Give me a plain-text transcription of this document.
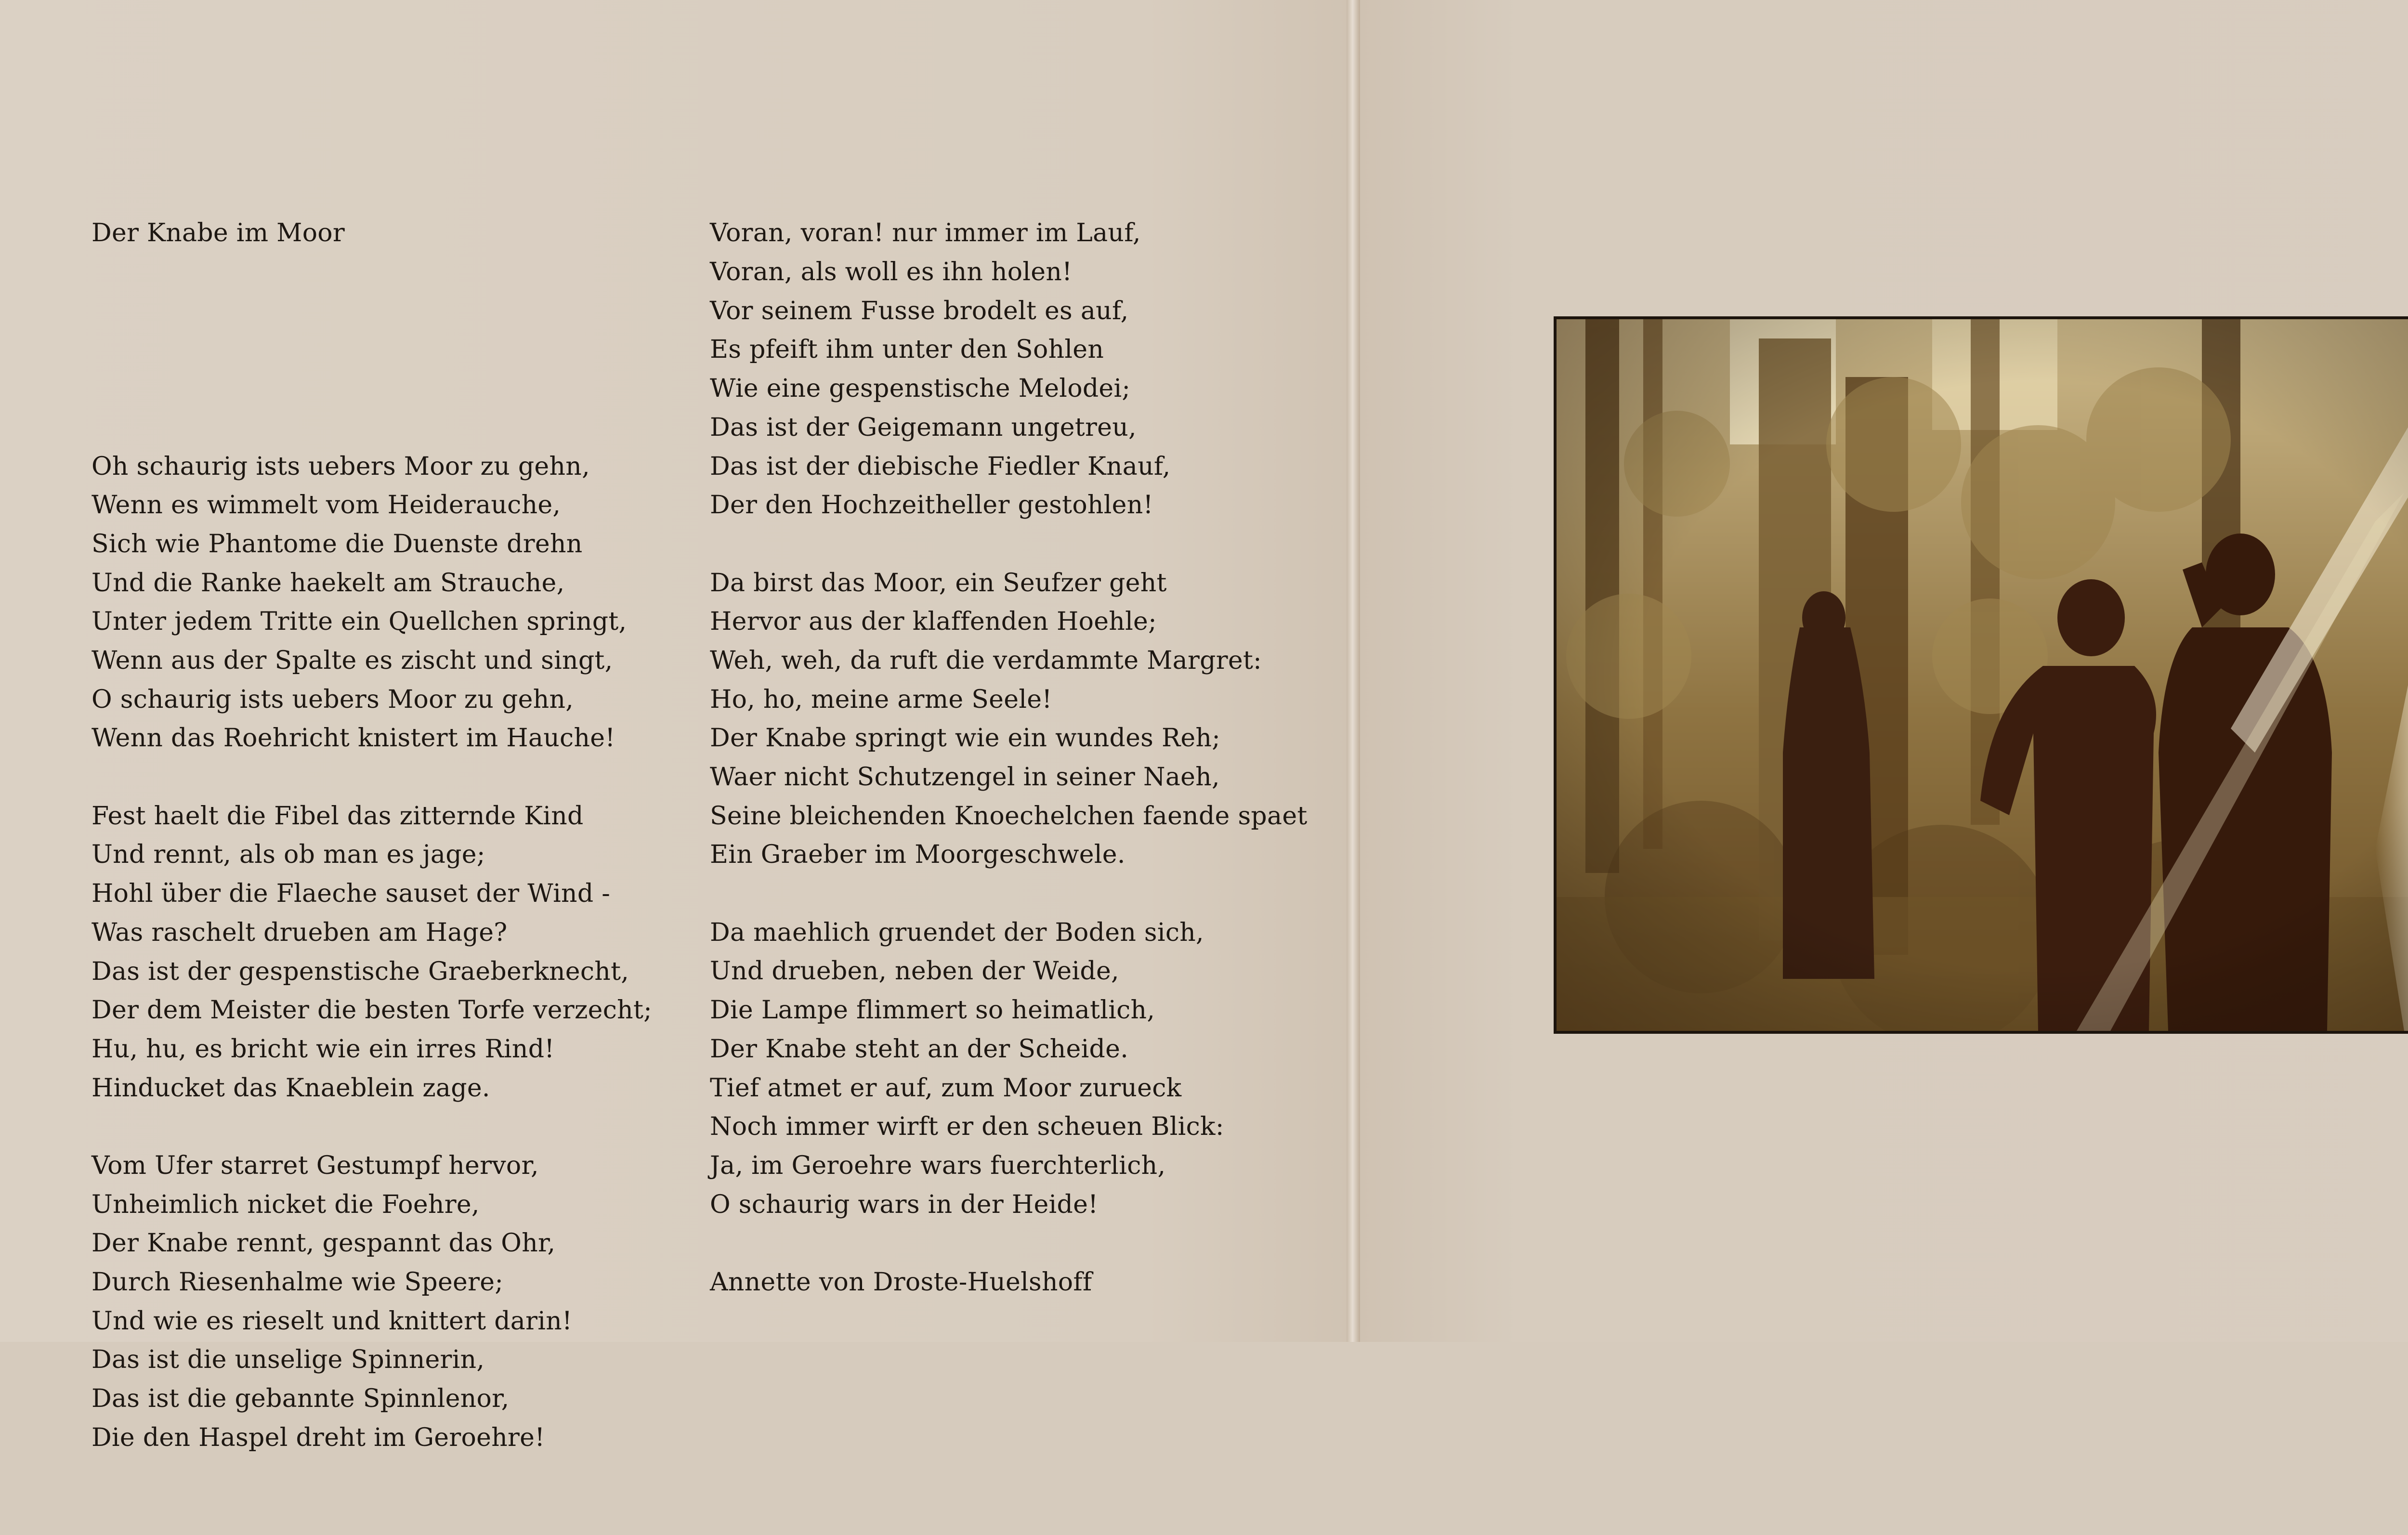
Der Knabe im Moor

Oh schaurig ists uebers Moor zu gehn,
Wenn es wimmelt vom Heiderauche,
Sich wie Phantome die Duenste drehn
Und die Ranke haekelt am Strauche,
Unter jedem Tritte ein Quellchen springt,
Wenn aus der Spalte es zischt und singt,
O schaurig ists uebers Moor zu gehn,
Wenn das Roehricht knistert im Hauche!
Fest haelt die Fibel das zitternde Kind
Und rennt, als ob man es jage;
Hohl über die Flaeche sauset der Wind -
Was raschelt drueben am Hage?
Das ist der gespenstische Graeberknecht,
Der dem Meister die besten Torfe verzecht;
Hu, hu, es bricht wie ein irres Rind!
Hinducket das Knaeblein zage.
Vom Ufer starret Gestumpf hervor,
Unheimlich nicket die Foehre,
Der Knabe rennt, gespannt das Ohr,
Durch Riesenhalme wie Speere;
Und wie es rieselt und knittert darin!
Das ist die unselige Spinnerin,
Das ist die gebannte Spinnlenor,
Die den Haspel dreht im Geroehre!

Voran, voran! nur immer im Lauf,
Voran, als woll es ihn holen!
Vor seinem Fusse brodelt es auf,
Es pfeift ihm unter den Sohlen
Wie eine gespenstische Melodei;
Das ist der Geigemann ungetreu,
Das ist der diebische Fiedler Knauf,
Der den Hochzeitheller gestohlen!
Da birst das Moor, ein Seufzer geht
Hervor aus der klaffenden Hoehle;
Weh, weh, da ruft die verdammte Margret:
Ho, ho, meine arme Seele!
Der Knabe springt wie ein wundes Reh;
Waer nicht Schutzengel in seiner Naeh,
Seine bleichenden Knoechelchen faende spaet
Ein Graeber im Moorgeschwele.
Da maehlich gruendet der Boden sich,
Und drueben, neben der Weide,
Die Lampe flimmert so heimatlich,
Der Knabe steht an der Scheide.
Tief atmet er auf, zum Moor zurueck
Noch immer wirft er den scheuen Blick:
Ja, im Geroehre wars fuerchterlich,
O schaurig wars in der Heide!
Annette von Droste-Huelshoff
